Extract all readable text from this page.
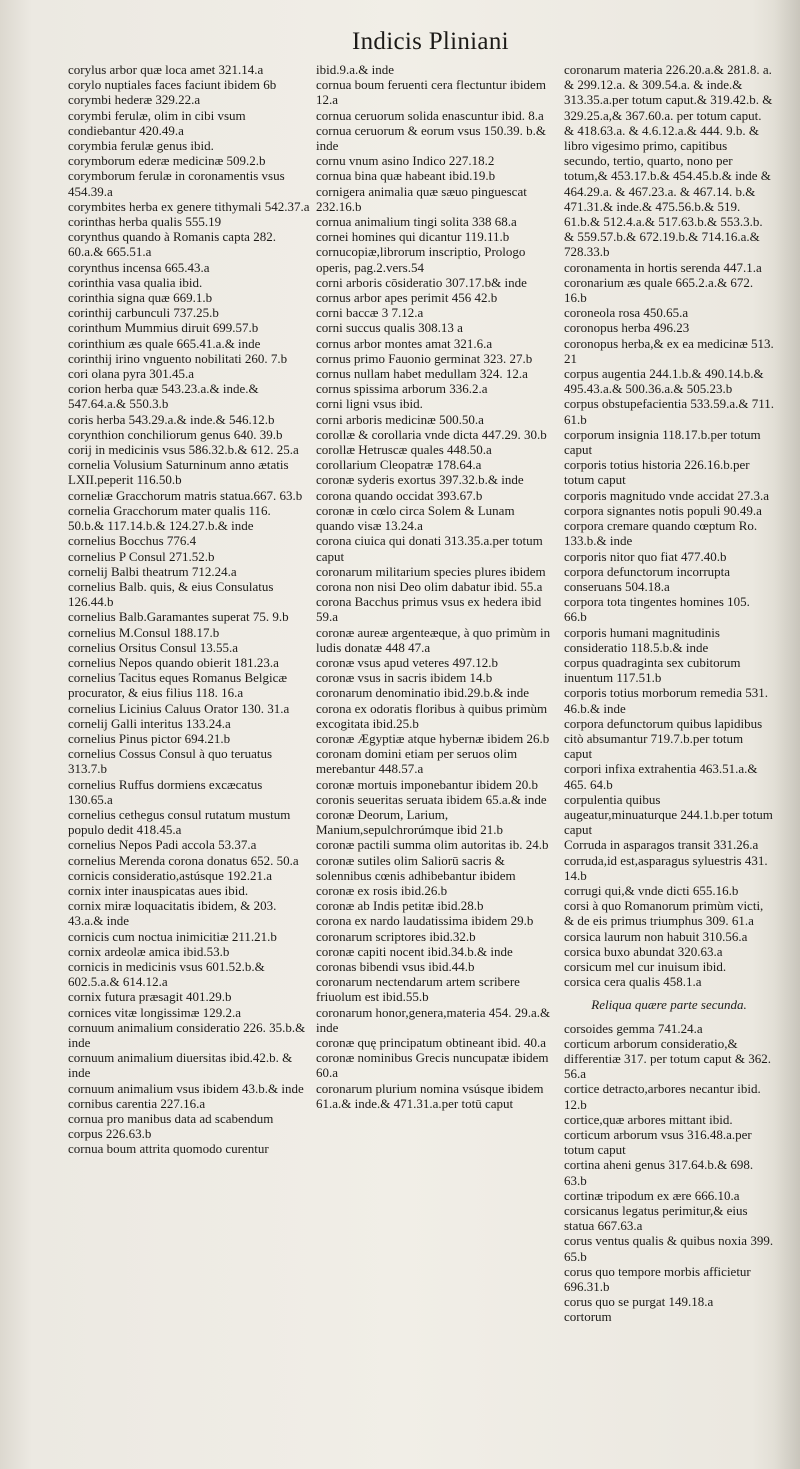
Indicis Pliniani
corylus arbor quæ loca amet 321.14.a
corylo nuptiales faces faciunt ibidem 6b
corymbi hederæ 329.22.a
corymbi ferulæ, olim in cibi vsum condiebantur 420.49.a
corymbia ferulæ genus ibid.
corymborum ederæ medicinæ 509.2.b
corymborum ferulæ in coronamentis vsus 454.39.a
corymbites herba ex genere tithymali 542.37.a
corinthas herba qualis 555.19
corynthus quando à Romanis capta 282. 60.a.& 665.51.a
corynthus incensa 665.43.a
corinthia vasa qualia ibid.
corinthia signa quæ 669.1.b
corinthij carbunculi 737.25.b
corinthum Mummius diruit 699.57.b
corinthium æs quale 665.41.a.& inde
corinthij irino vnguento nobilitati 260. 7.b
cori olana pyra 301.45.a
corion herba quæ 543.23.a.& inde.& 547.64.a.& 550.3.b
coris herba 543.29.a.& inde.& 546.12.b
corynthion conchiliorum genus 640. 39.b
corij in medicinis vsus 586.32.b.& 612. 25.a
cornelia Volusium Saturninum anno ætatis LXII.peperit 116.50.b
corneliæ Gracchorum matris statua.667. 63.b
cornelia Gracchorum mater qualis 116. 50.b.& 117.14.b.& 124.27.b.& inde
cornelius Bocchus 776.4
cornelius P Consul 271.52.b
cornelij Balbi theatrum 712.24.a
cornelius Balb. quis, & eius Consulatus 126.44.b
cornelius Balb.Garamantes superat 75. 9.b
cornelius M.Consul 188.17.b
cornelius Orsitus Consul 13.55.a
cornelius Nepos quando obierit 181.23.a
cornelius Tacitus eques Romanus Belgicæ procurator, & eius filius 118. 16.a
cornelius Licinius Caluus Orator 130. 31.a
cornelij Galli interitus 133.24.a
cornelius Pinus pictor 694.21.b
cornelius Cossus Consul à quo teruatus 313.7.b
cornelius Ruffus dormiens excæcatus 130.65.a
cornelius cethegus consul rutatum mustum populo dedit 418.45.a
cornelius Nepos Padi accola 53.37.a
cornelius Merenda corona donatus 652. 50.a
cornicis consideratio,astúsque 192.21.a
cornix inter inauspicatas aues ibid.
cornix miræ loquacitatis ibidem, & 203. 43.a.& inde
cornicis cum noctua inimicitiæ 211.21.b
cornix ardeolæ amica ibid.53.b
cornicis in medicinis vsus 601.52.b.& 602.5.a.& 614.12.a
cornix futura præsagit 401.29.b
cornices vitæ longissimæ 129.2.a
cornuum animalium consideratio 226. 35.b.& inde
cornuum animalium diuersitas ibid.42.b. & inde
cornuum animalium vsus ibidem 43.b.& inde
cornibus carentia 227.16.a
cornua pro manibus data ad scabendum corpus 226.63.b
cornua boum attrita quomodo curentur
ibid.9.a.& inde
cornua boum feruenti cera flectuntur ibidem 12.a
cornua ceruorum solida enascuntur ibid. 8.a
cornua ceruorum & eorum vsus 150.39. b.& inde
cornu vnum asino Indico 227.18.2
cornua bina quæ habeant ibid.19.b
cornigera animalia quæ sæuo pinguescat 232.16.b
cornua animalium tingi solita 338 68.a
cornei homines qui dicantur 119.11.b
cornucopiæ,librorum inscriptio, Prologo operis, pag.2.vers.54
corni arboris cōsideratio 307.17.b& inde
cornus arbor apes perimit 456 42.b
corni baccæ 3 7.12.a
corni succus qualis 308.13 a
cornus arbor montes amat 321.6.a
cornus primo Fauonio germinat 323. 27.b
cornus nullam habet medullam 324. 12.a
cornus spissima arborum 336.2.a
corni ligni vsus ibid.
corni arboris medicinæ 500.50.a
corollæ & corollaria vnde dicta 447.29. 30.b
corollæ Hetruscæ quales 448.50.a
corollarium Cleopatræ 178.64.a
coronæ syderis exortus 397.32.b.& inde
corona quando occidat 393.67.b
coronæ in cœlo circa Solem & Lunam quando visæ 13.24.a
corona ciuica qui donati 313.35.a.per totum caput
coronarum militarium species plures ibidem
corona non nisi Deo olim dabatur ibid. 55.a
corona Bacchus primus vsus ex hedera ibid 59.a
coronæ aureæ argenteæque, à quo primùm in ludis donatæ 448 47.a
coronæ vsus apud veteres 497.12.b
coronæ vsus in sacris ibidem 14.b
coronarum denominatio ibid.29.b.& inde
corona ex odoratis floribus à quibus primùm excogitata ibid.25.b
coronæ Ægyptiæ atque hybernæ ibidem 26.b
coronam domini etiam per seruos olim merebantur 448.57.a
coronæ mortuis imponebantur ibidem 20.b
coronis seueritas seruata ibidem 65.a.& inde
coronæ Deorum, Larium, Manium,sepulchrorúmque ibid 21.b
coronæ pactili summa olim autoritas ib. 24.b
coronæ sutiles olim Saliorū sacris & solennibus cœnis adhibebantur ibidem
coronæ ex rosis ibid.26.b
coronæ ab Indis petitæ ibid.28.b
corona ex nardo laudatissima ibidem 29.b
coronarum scriptores ibid.32.b
coronæ capiti nocent ibid.34.b.& inde
coronas bibendi vsus ibid.44.b
coronarum nectendarum artem scribere friuolum est ibid.55.b
coronarum honor,genera,materia 454. 29.a.& inde
coronæ quę principatum obtineant ibid. 40.a
coronæ nominibus Grecis nuncupatæ ibidem 60.a
coronarum plurium nomina vsúsque ibidem 61.a.& inde.& 471.31.a.per totū caput
coronarum materia 226.20.a.& 281.8. a. & 299.12.a. & 309.54.a. & inde.& 313.35.a.per totum caput.& 319.42.b. & 329.25.a,& 367.60.a. per totum caput. & 418.63.a. & 4.6.12.a.& 444. 9.b. & libro vigesimo primo, capitibus secundo, tertio, quarto, nono per totum,& 453.17.b.& 454.45.b.& inde & 464.29.a. & 467.23.a. & 467.14. b.& 471.31.& inde.& 475.56.b.& 519. 61.b.& 512.4.a.& 517.63.b.& 553.3.b. & 559.57.b.& 672.19.b.& 714.16.a.& 728.33.b
coronamenta in hortis serenda 447.1.a
coronarium æs quale 665.2.a.& 672. 16.b
coroneola rosa 450.65.a
coronopus herba 496.23
coronopus herba,& ex ea medicinæ 513. 21
corpus augentia 244.1.b.& 490.14.b.& 495.43.a.& 500.36.a.& 505.23.b
corpus obstupefacientia 533.59.a.& 711. 61.b
corporum insignia 118.17.b.per totum caput
corporis totius historia 226.16.b.per totum caput
corporis magnitudo vnde accidat 27.3.a
corpora signantes notis populi 90.49.a
corpora cremare quando cœptum Ro. 133.b.& inde
corporis nitor quo fiat 477.40.b
corpora defunctorum incorrupta conseruans 504.18.a
corpora tota tingentes homines 105. 66.b
corporis humani magnitudinis consideratio 118.5.b.& inde
corpus quadraginta sex cubitorum inuentum 117.51.b
corporis totius morborum remedia 531. 46.b.& inde
corpora defunctorum quibus lapidibus citò absumantur 719.7.b.per totum caput
corpori infixa extrahentia 463.51.a.& 465. 64.b
corpulentia quibus augeatur,minuaturque 244.1.b.per totum caput
Corruda in asparagos transit 331.26.a
corruda,id est,asparagus syluestris 431. 14.b
corrugi qui,& vnde dicti 655.16.b
corsi à quo Romanorum primùm victi, & de eis primus triumphus 309. 61.a
corsica laurum non habuit 310.56.a
corsica buxo abundat 320.63.a
corsicum mel cur inuisum ibid.
corsica cera qualis 458.1.a
Reliqua quære parte secunda.
corsoides gemma 741.24.a
corticum arborum consideratio,& differentiæ 317. per totum caput & 362. 56.a
cortice detracto,arbores necantur ibid. 12.b
cortice,quæ arbores mittant ibid.
corticum arborum vsus 316.48.a.per totum caput
cortina aheni genus 317.64.b.& 698. 63.b
cortinæ tripodum ex ære 666.10.a
corsicanus legatus perimitur,& eius statua 667.63.a
corus ventus qualis & quibus noxia 399. 65.b
corus quo tempore morbis afficietur 696.31.b
corus quo se purgat 149.18.a
cortorum
